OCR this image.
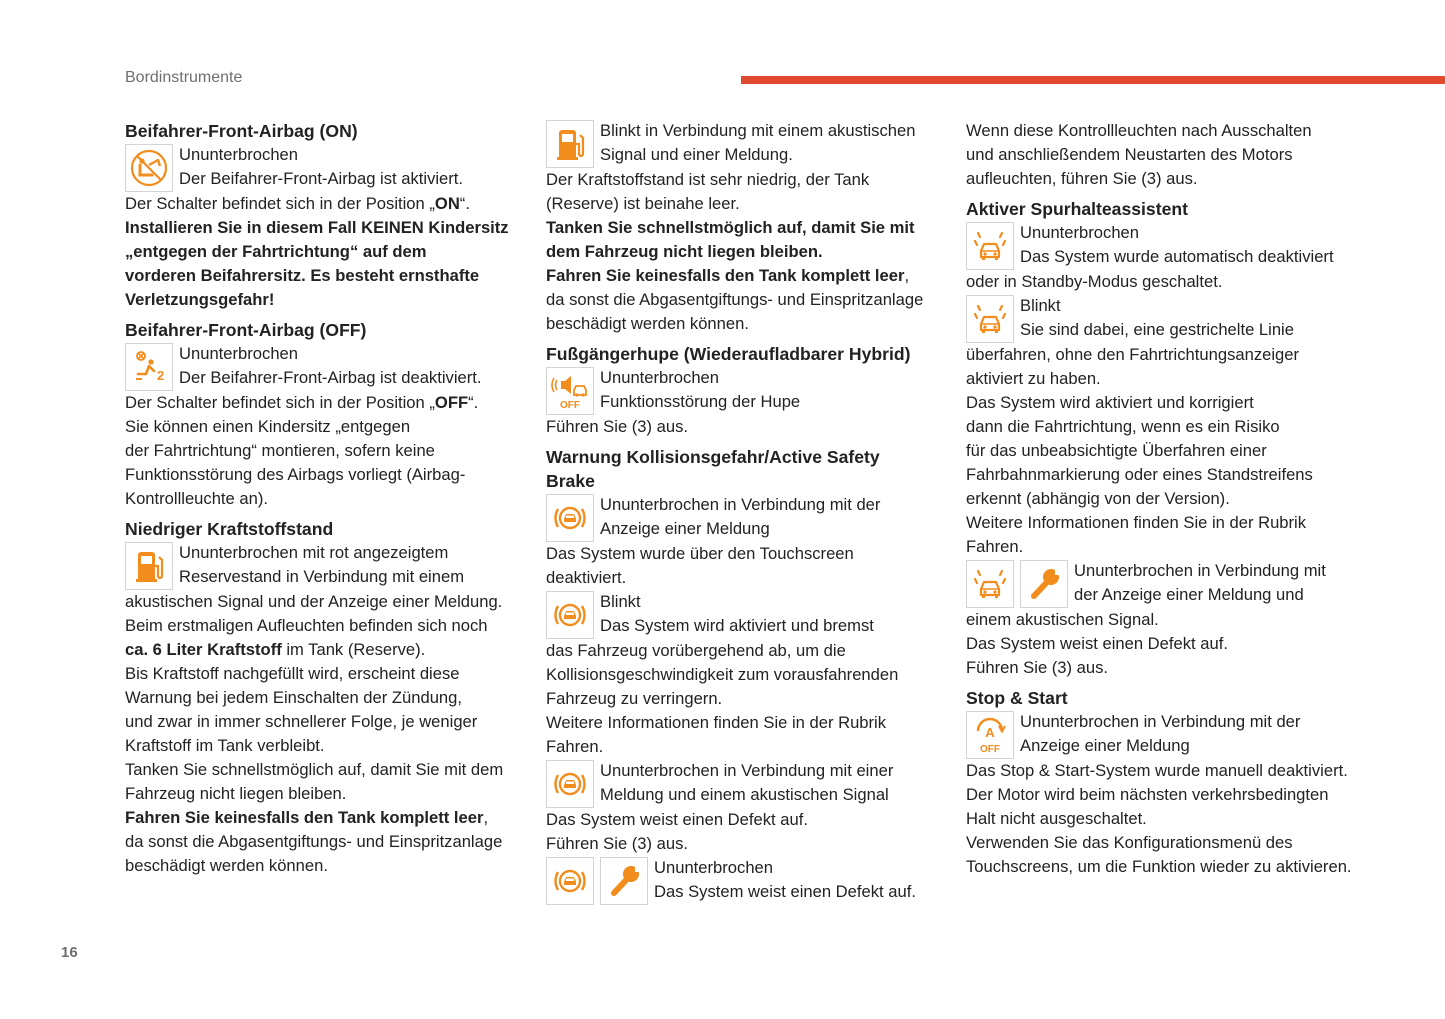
Bordinstrumente
Beifahrer-Front-Airbag (ON)
Ununterbrochen
Der Beifahrer-Front-Airbag ist aktiviert.
Der Schalter befindet sich in der Position „ON“.
Installieren Sie in diesem Fall KEINEN Kindersitz
„entgegen der Fahrtrichtung“ auf dem
vorderen Beifahrersitz. Es besteht ernsthafte
Verletzungsgefahr!
Beifahrer-Front-Airbag (OFF)
2
Ununterbrochen
Der Beifahrer-Front-Airbag ist deaktiviert.
Der Schalter befindet sich in der Position „OFF“.
Sie können einen Kindersitz „entgegen
der Fahrtrichtung“ montieren, sofern keine
Funktionsstörung des Airbags vorliegt (Airbag-
Kontrollleuchte an).
Niedriger Kraftstoffstand
Ununterbrochen mit rot angezeigtem
Reservestand in Verbindung mit einem
akustischen Signal und der Anzeige einer Meldung.
Beim erstmaligen Aufleuchten befinden sich noch
ca. 6 Liter Kraftstoff im Tank (Reserve).
Bis Kraftstoff nachgefüllt wird, erscheint diese
Warnung bei jedem Einschalten der Zündung,
und zwar in immer schnellerer Folge, je weniger
Kraftstoff im Tank verbleibt.
Tanken Sie schnellstmöglich auf, damit Sie mit dem
Fahrzeug nicht liegen bleiben.
Fahren Sie keinesfalls den Tank komplett leer,
da sonst die Abgasentgiftungs- und Einspritzanlage
beschädigt werden können.
Blinkt in Verbindung mit einem akustischen
Signal und einer Meldung.
Der Kraftstoffstand ist sehr niedrig, der Tank
(Reserve) ist beinahe leer.
Tanken Sie schnellstmöglich auf, damit Sie mit
dem Fahrzeug nicht liegen bleiben.
Fahren Sie keinesfalls den Tank komplett leer,
da sonst die Abgasentgiftungs- und Einspritzanlage
beschädigt werden können.
Fußgängerhupe (Wiederaufladbarer Hybrid)
OFF
Ununterbrochen
Funktionsstörung der Hupe
Führen Sie (3) aus.
Warnung Kollisionsgefahr/Active Safety
Brake
Ununterbrochen in Verbindung mit der
Anzeige einer Meldung
Das System wurde über den Touchscreen
deaktiviert.
Blinkt
Das System wird aktiviert und bremst
das Fahrzeug vorübergehend ab, um die
Kollisionsgeschwindigkeit zum vorausfahrenden
Fahrzeug zu verringern.
Weitere Informationen finden Sie in der Rubrik
Fahren.
Ununterbrochen in Verbindung mit einer
Meldung und einem akustischen Signal
Das System weist einen Defekt auf.
Führen Sie (3) aus.
Ununterbrochen
Das System weist einen Defekt auf.
Wenn diese Kontrollleuchten nach Ausschalten
und anschließendem Neustarten des Motors
aufleuchten, führen Sie (3) aus.
Aktiver Spurhalteassistent
Ununterbrochen
Das System wurde automatisch deaktiviert
oder in Standby-Modus geschaltet.
Blinkt
Sie sind dabei, eine gestrichelte Linie
überfahren, ohne den Fahrtrichtungsanzeiger
aktiviert zu haben.
Das System wird aktiviert und korrigiert
dann die Fahrtrichtung, wenn es ein Risiko
für das unbeabsichtigte Überfahren einer
Fahrbahnmarkierung oder eines Standstreifens
erkennt (abhängig von der Version).
Weitere Informationen finden Sie in der Rubrik
Fahren.
Ununterbrochen in Verbindung mit
der Anzeige einer Meldung und
einem akustischen Signal.
Das System weist einen Defekt auf.
Führen Sie (3) aus.
Stop & Start
A
OFF
Ununterbrochen in Verbindung mit der
Anzeige einer Meldung
Das Stop & Start-System wurde manuell deaktiviert.
Der Motor wird beim nächsten verkehrsbedingten
Halt nicht ausgeschaltet.
Verwenden Sie das Konfigurationsmenü des
Touchscreens, um die Funktion wieder zu aktivieren.
16
